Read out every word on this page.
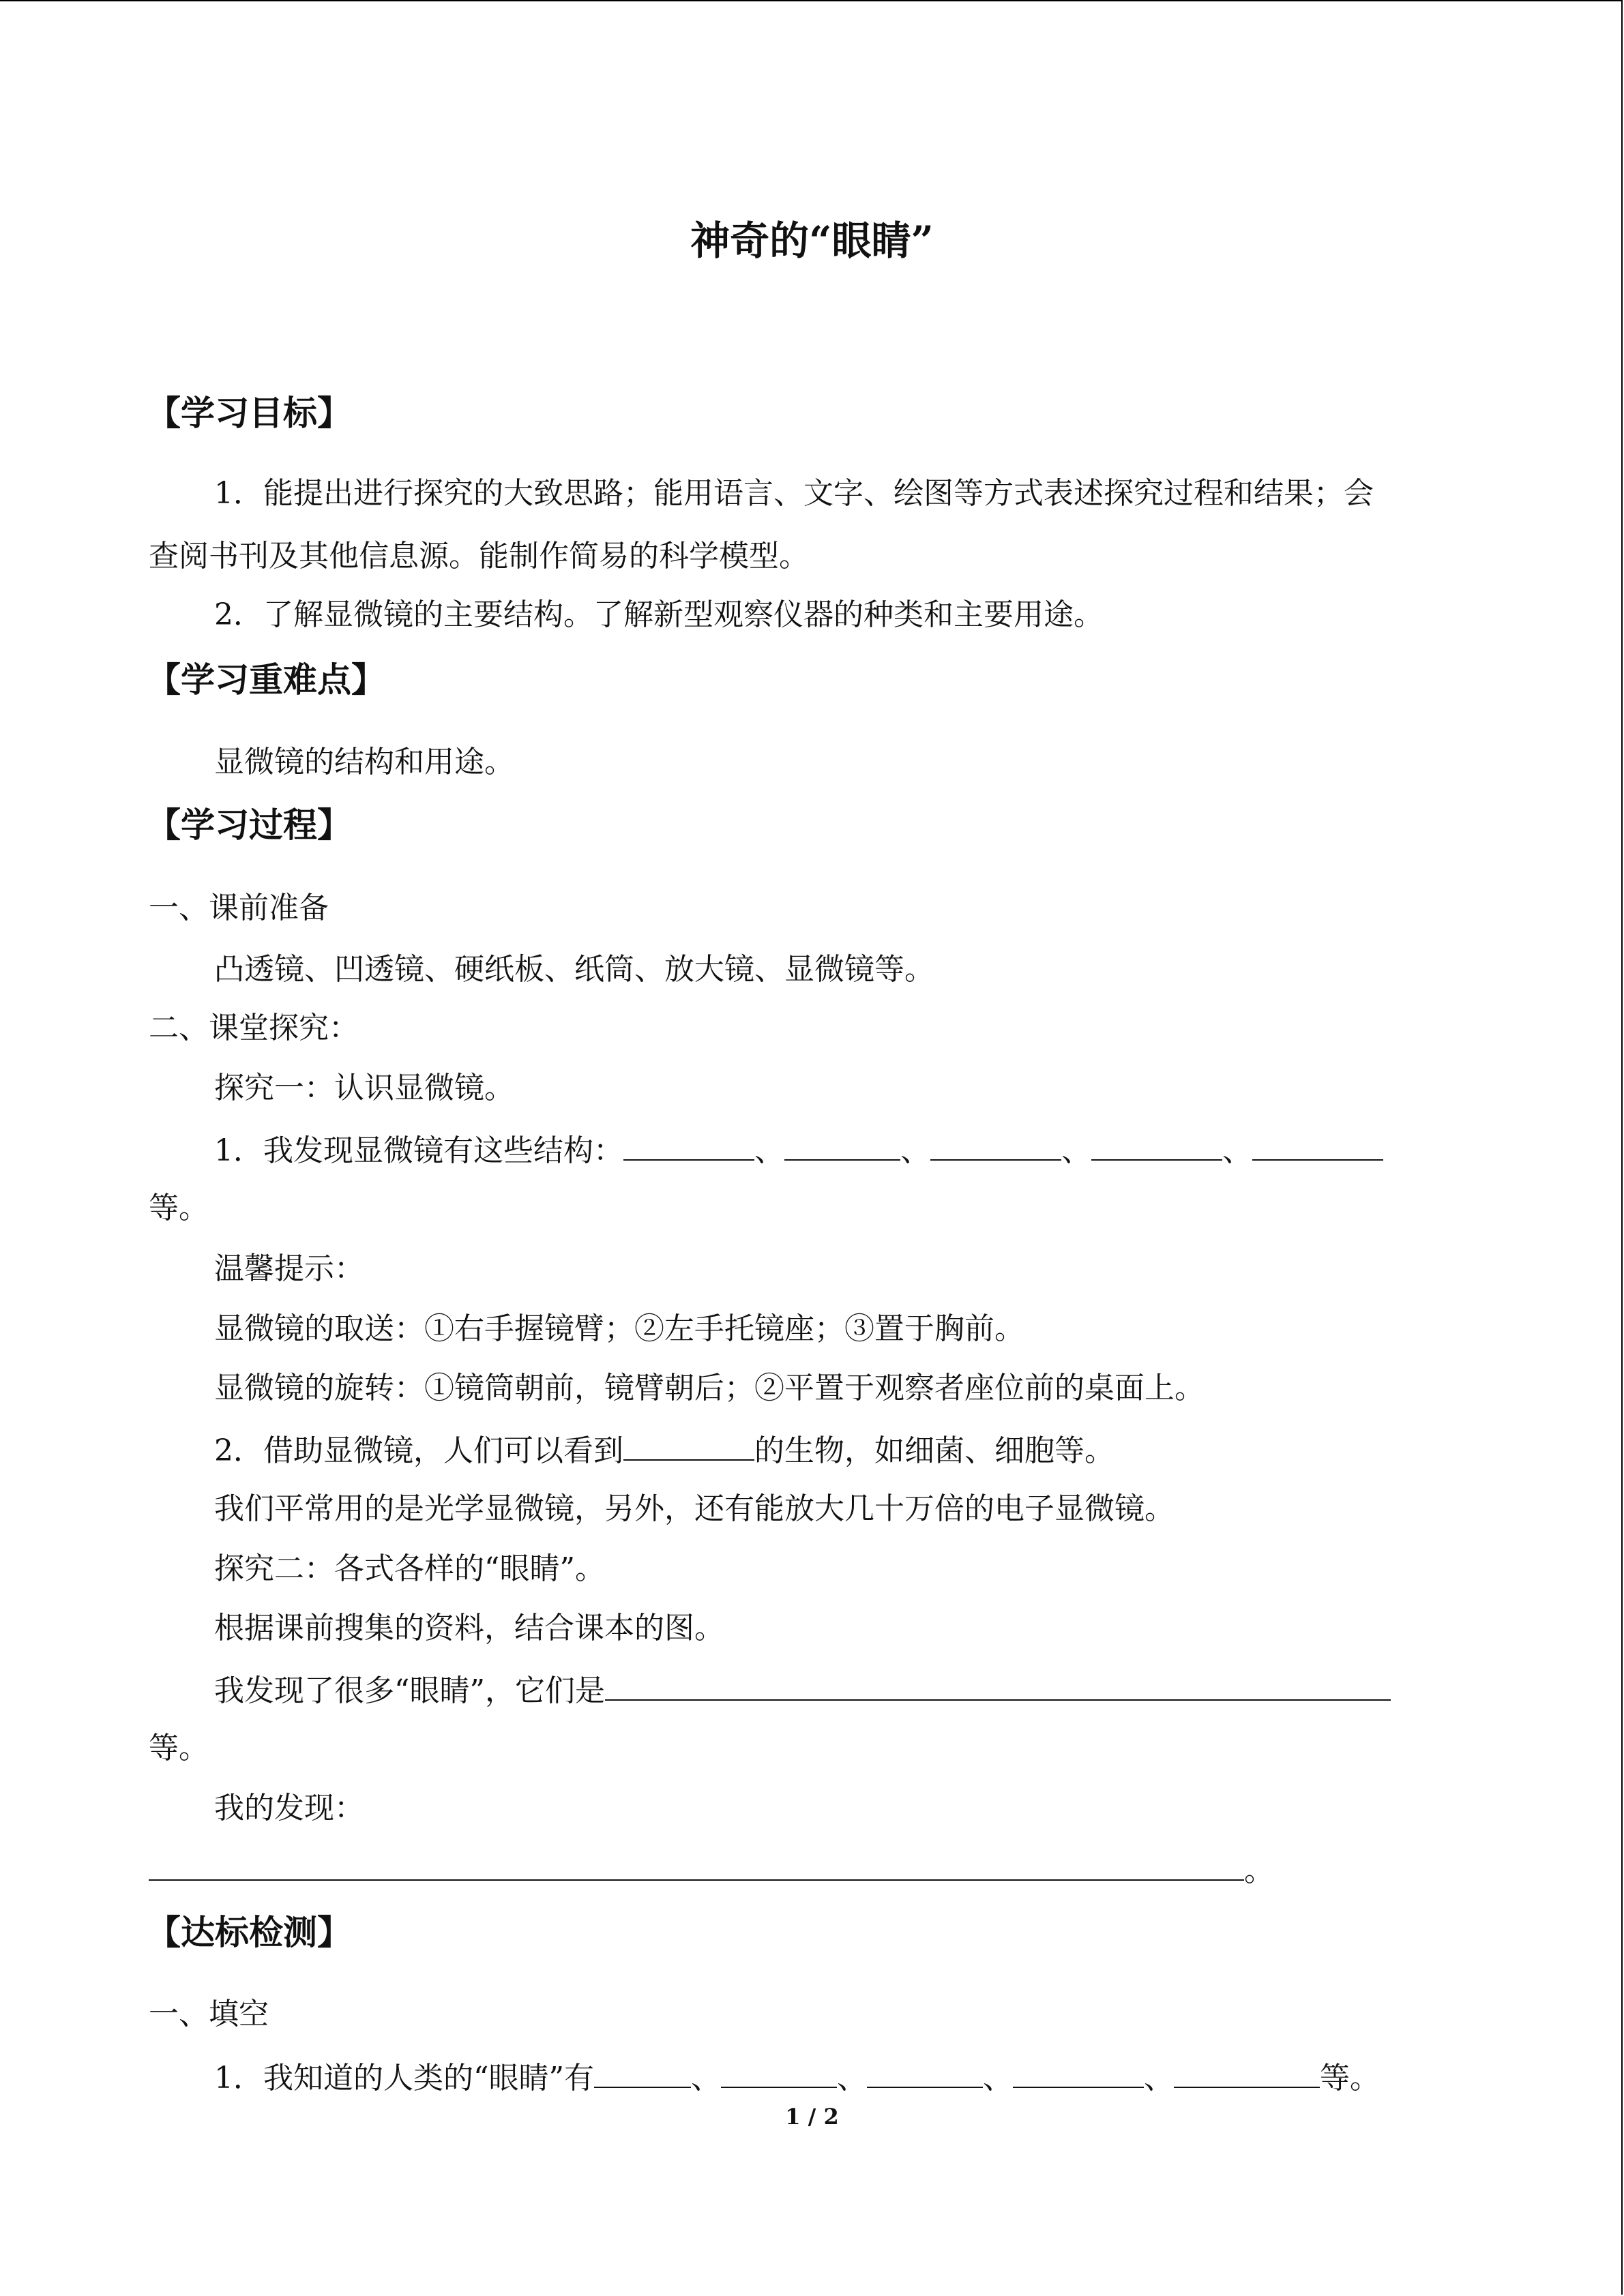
神奇的“眼睛”
【学习目标】
1．能提出进行探究的大致思路；能用语言、文字、绘图等方式表述探究过程和结果；会
查阅书刊及其他信息源。能制作简易的科学模型。
2．了解显微镜的主要结构。了解新型观察仪器的种类和主要用途。
【学习重难点】
显微镜的结构和用途。
【学习过程】
一、课前准备
凸透镜、凹透镜、硬纸板、纸筒、放大镜、显微镜等。
二、课堂探究：
探究一：认识显微镜。
1．我发现显微镜有这些结构：	、	、	、	、
等。
温馨提示：
显微镜的取送：①右手握镜臂；②左手托镜座；③置于胸前。
显微镜的旋转：①镜筒朝前，镜臂朝后；②平置于观察者座位前的桌面上。
2．借助显微镜，人们可以看到	的生物，如细菌、细胞等。
我们平常用的是光学显微镜，另外，还有能放大几十万倍的电子显微镜。
探究二：各式各样的“眼睛”。
根据课前搜集的资料，结合课本的图。
我发现了很多“眼睛”，它们是
等。
我的发现：
。
【达标检测】
一、填空
1．我知道的人类的“眼睛”有	、	、	、	、	等。
1 / 2
